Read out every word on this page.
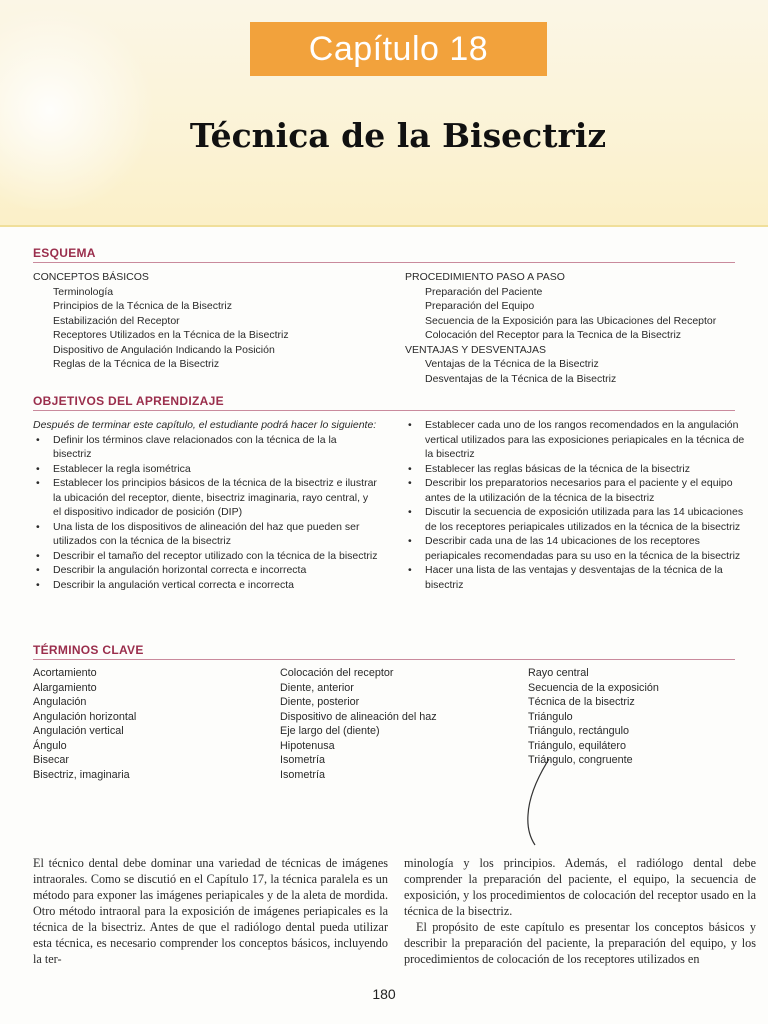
Capítulo 18
Técnica de la Bisectriz
ESQUEMA
CONCEPTOS BÁSICOS
Terminología
Principios de la Técnica de la Bisectriz
Estabilización del Receptor
Receptores Utilizados en la Técnica de la Bisectriz
Dispositivo de Angulación Indicando la Posición
Reglas de la Técnica de la Bisectriz
PROCEDIMIENTO PASO A PASO
Preparación del Paciente
Preparación del Equipo
Secuencia de la Exposición para las Ubicaciones del Receptor
Colocación del Receptor para la Tecnica de la Bisectriz
VENTAJAS Y DESVENTAJAS
Ventajas de la Técnica de la Bisectriz
Desventajas de la Técnica de la Bisectriz
OBJETIVOS DEL APRENDIZAJE
Después de terminar este capítulo, el estudiante podrá hacer lo siguiente:
• Definir los términos clave relacionados con la técnica de la la bisectriz
• Establecer la regla isométrica
• Establecer los principios básicos de la técnica de la bisectriz e ilustrar la ubicación del receptor, diente, bisectriz imaginaria, rayo central, y el dispositivo indicador de posición (DIP)
• Una lista de los dispositivos de alineación del haz que pueden ser utilizados con la técnica de la bisectriz
• Describir el tamaño del receptor utilizado con la técnica de la bisectriz
• Describir la angulación horizontal correcta e incorrecta
• Describir la angulación vertical correcta e incorrecta
• Establecer cada uno de los rangos recomendados en la angulación vertical utilizados para las exposiciones periapicales en la técnica de la bisectriz
• Establecer las reglas básicas de la técnica de la bisectriz
• Describir los preparatorios necesarios para el paciente y el equipo antes de la utilización de la técnica de la bisectriz
• Discutir la secuencia de exposición utilizada para las 14 ubicaciones de los receptores periapicales utilizados en la técnica de la bisectriz
• Describir cada una de las 14 ubicaciones de los receptores periapicales recomendadas para su uso en la técnica de la bisectriz
• Hacer una lista de las ventajas y desventajas de la técnica de la bisectriz
TÉRMINOS CLAVE
Acortamiento
Alargamiento
Angulación
Angulación horizontal
Angulación vertical
Ángulo
Bisecar
Bisectriz, imaginaria
Colocación del receptor
Diente, anterior
Diente, posterior
Dispositivo de alineación del haz
Eje largo del (diente)
Hipotenusa
Isometría
Isometría
Rayo central
Secuencia de la exposición
Técnica de la bisectriz
Triángulo
Triángulo, rectángulo
Triángulo, equilátero
Triángulo, congruente
El técnico dental debe dominar una variedad de técnicas de imágenes intraorales. Como se discutió en el Capítulo 17, la técnica paralela es un método para exponer las imágenes periapicales y de la aleta de mordida. Otro método intraoral para la exposición de imágenes periapicales es la técnica de la bisectriz. Antes de que el radiólogo dental pueda utilizar esta técnica, es necesario comprender los conceptos básicos, incluyendo la ter-
minología y los principios. Además, el radiólogo dental debe comprender la preparación del paciente, el equipo, la secuencia de exposición, y los procedimientos de colocación del receptor usado en la técnica de la bisectriz.
El propósito de este capítulo es presentar los conceptos básicos y describir la preparación del paciente, la preparación del equipo, y los procedimientos de colocación de los receptores utilizados en
180
